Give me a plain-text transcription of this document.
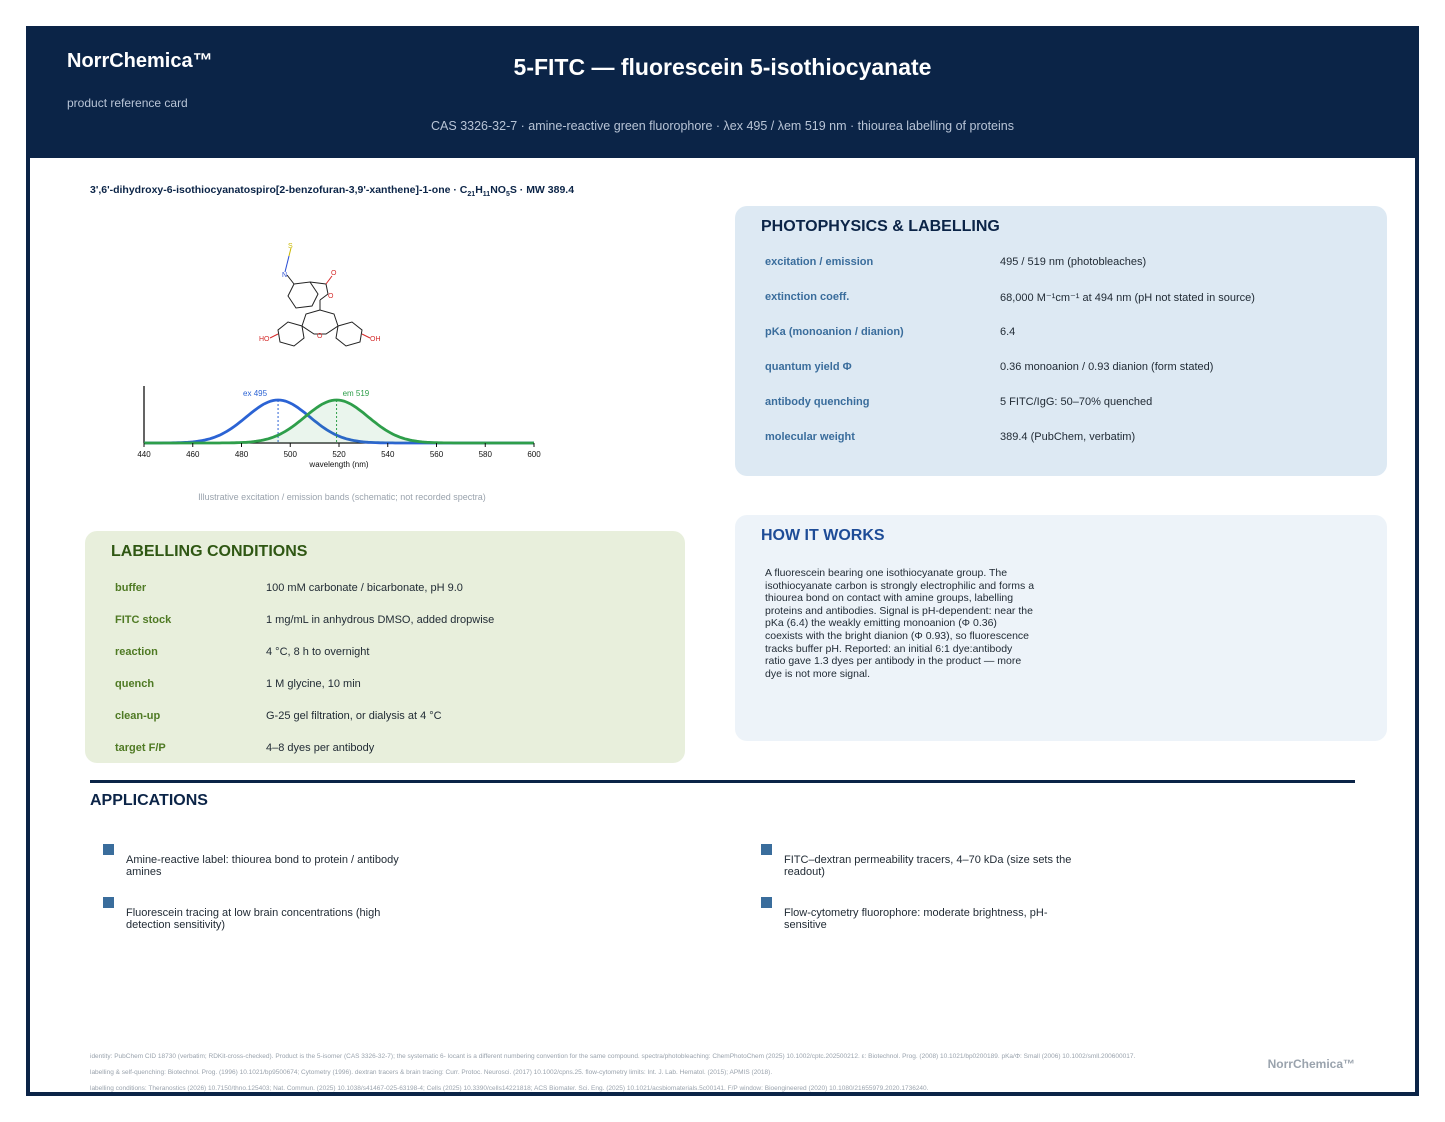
NorrChemica™
product reference card
5-FITC — fluorescein 5-isothiocyanate
CAS 3326-32-7 · amine-reactive green fluorophore · λex 495 / λem 519 nm · thiourea labelling of proteins
3',6'-dihydroxy-6-isothiocyanatospiro[2-benzofuran-3,9'-xanthene]-1-one · $C_{21}H_{11}NO_5S$ · MW 389.4
S
N	O
O
O
HO	OH
ex 495	em 519
440	460	480	500	520	540	560	580	600
wavelength (nm)
Illustrative excitation / emission bands (schematic; not recorded spectra)
LABELLING CONDITIONS
buffer	100 mM carbonate / bicarbonate, pH 9.0
FITC stock	1 mg/mL in anhydrous DMSO, added dropwise
reaction	4 °C, 8 h to overnight
quench	1 M glycine, 10 min
clean-up	G-25 gel filtration, or dialysis at 4 °C
target F/P	4–8 dyes per antibody
PHOTOPHYSICS & LABELLING
excitation / emission	495 / 519 nm (photobleaches)
extinction coeff.	68,000 M⁻¹cm⁻¹ at 494 nm (pH not stated in source)
pKa (monoanion / dianion)	6.4
quantum yield Φ	0.36 monoanion / 0.93 dianion (form stated)
antibody quenching	5 FITC/IgG: 50–70% quenched
molecular weight	389.4 (PubChem, verbatim)
HOW IT WORKS
A fluorescein bearing one isothiocyanate group. The isothiocyanate carbon is strongly electrophilic and forms a thiourea bond on contact with amine groups, labelling proteins and antibodies. Signal is pH-dependent: near the pKa (6.4) the weakly emitting monoanion (Φ 0.36) coexists with the bright dianion (Φ 0.93), so fluorescence tracks buffer pH. Reported: an initial 6:1 dye:antibody ratio gave 1.3 dyes per antibody in the product — more dye is not more signal.
APPLICATIONS
Amine-reactive label: thiourea bond to protein / antibody amines
FITC–dextran permeability tracers, 4–70 kDa (size sets the readout)
Fluorescein tracing at low brain concentrations (high detection sensitivity)
Flow-cytometry fluorophore: moderate brightness, pH-sensitive
identity: PubChem CID 18730 (verbatim; RDKit-cross-checked). Product is the 5-isomer (CAS 3326-32-7); the systematic 6- locant is a different numbering convention for the same compound. spectra/photobleaching: ChemPhotoChem (2025) 10.1002/cptc.202500212. ε: Biotechnol. Prog. (2008) 10.1021/bp0200189. pKa/Φ: Small (2006) 10.1002/smll.200600017.
labelling & self-quenching: Biotechnol. Prog. (1996) 10.1021/bp9500674; Cytometry (1996). dextran tracers & brain tracing: Curr. Protoc. Neurosci. (2017) 10.1002/cpns.25. flow-cytometry limits: Int. J. Lab. Hematol. (2015); APMIS (2018).
labelling conditions: Theranostics (2026) 10.7150/thno.125403; Nat. Commun. (2025) 10.1038/s41467-025-63198-4; Cells (2025) 10.3390/cells14221818; ACS Biomater. Sci. Eng. (2025) 10.1021/acsbiomaterials.5c00141. F/P window: Bioengineered (2020) 10.1080/21655979.2020.1736240.
NorrChemica™
